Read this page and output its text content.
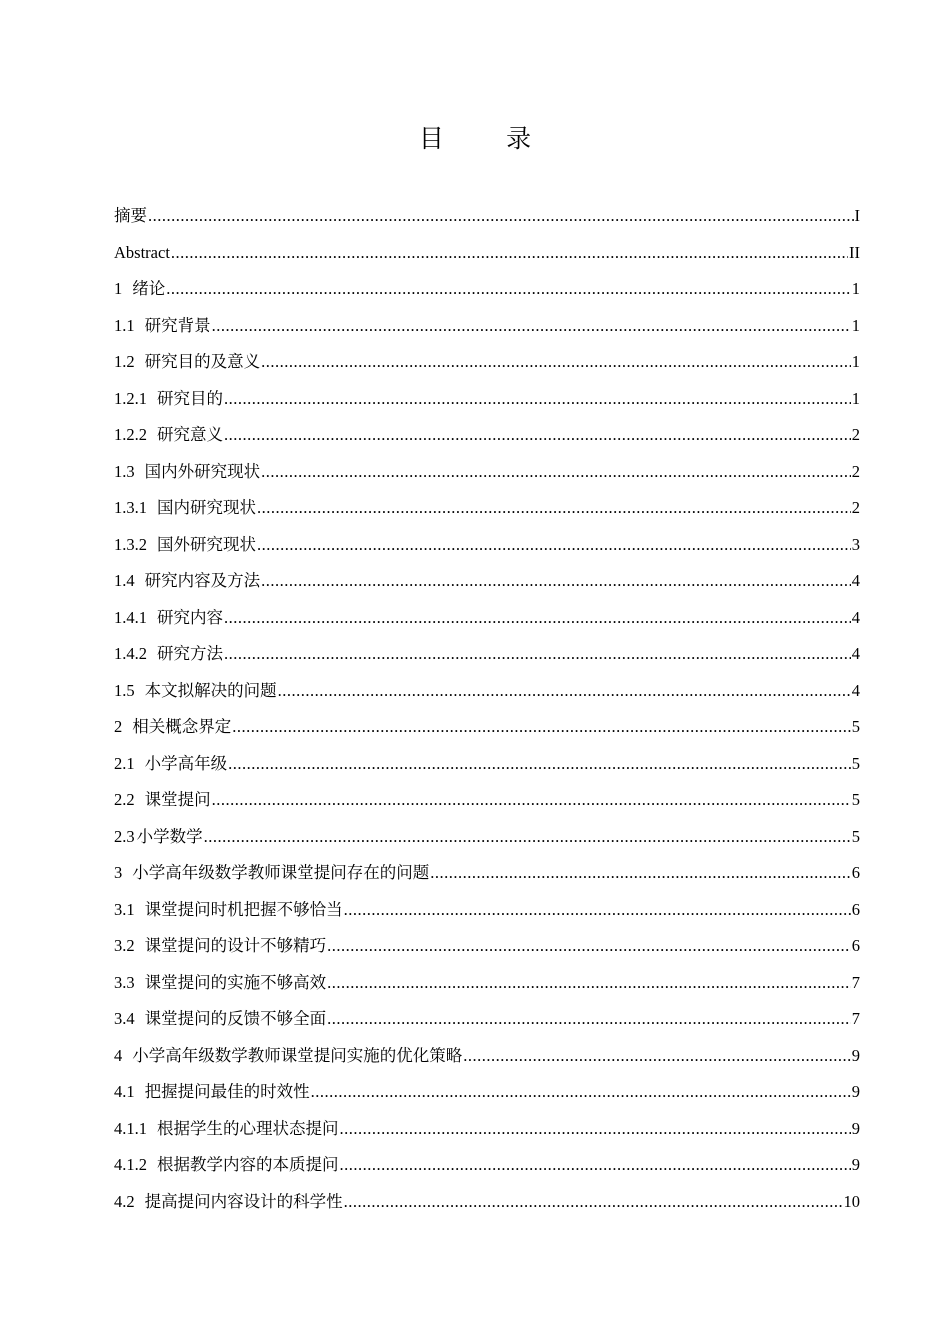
目 录
摘要 .....	I
Abstract .....	II
1 绪论 .....	1
1.1 研究背景 .....	1
1.2 研究目的及意义 .....	1
1.2.1 研究目的 .....	1
1.2.2 研究意义 .....	2
1.3 国内外研究现状 .....	2
1.3.1 国内研究现状 .....	2
1.3.2 国外研究现状 .....	3
1.4 研究内容及方法 .....	4
1.4.1 研究内容 .....	4
1.4.2 研究方法 .....	4
1.5 本文拟解决的问题 .....	4
2 相关概念界定 .....	5
2.1 小学高年级 .....	5
2.2 课堂提问 .....	5
2.3 小学数学 .....	5
3 小学高年级数学教师课堂提问存在的问题 .....	6
3.1 课堂提问时机把握不够恰当 .....	6
3.2 课堂提问的设计不够精巧 .....	6
3.3 课堂提问的实施不够高效 .....	7
3.4 课堂提问的反馈不够全面 .....	7
4 小学高年级数学教师课堂提问实施的优化策略 .....	9
4.1 把握提问最佳的时效性 .....	9
4.1.1 根据学生的心理状态提问 .....	9
4.1.2 根据教学内容的本质提问 .....	9
4.2 提高提问内容设计的科学性 .....	10
